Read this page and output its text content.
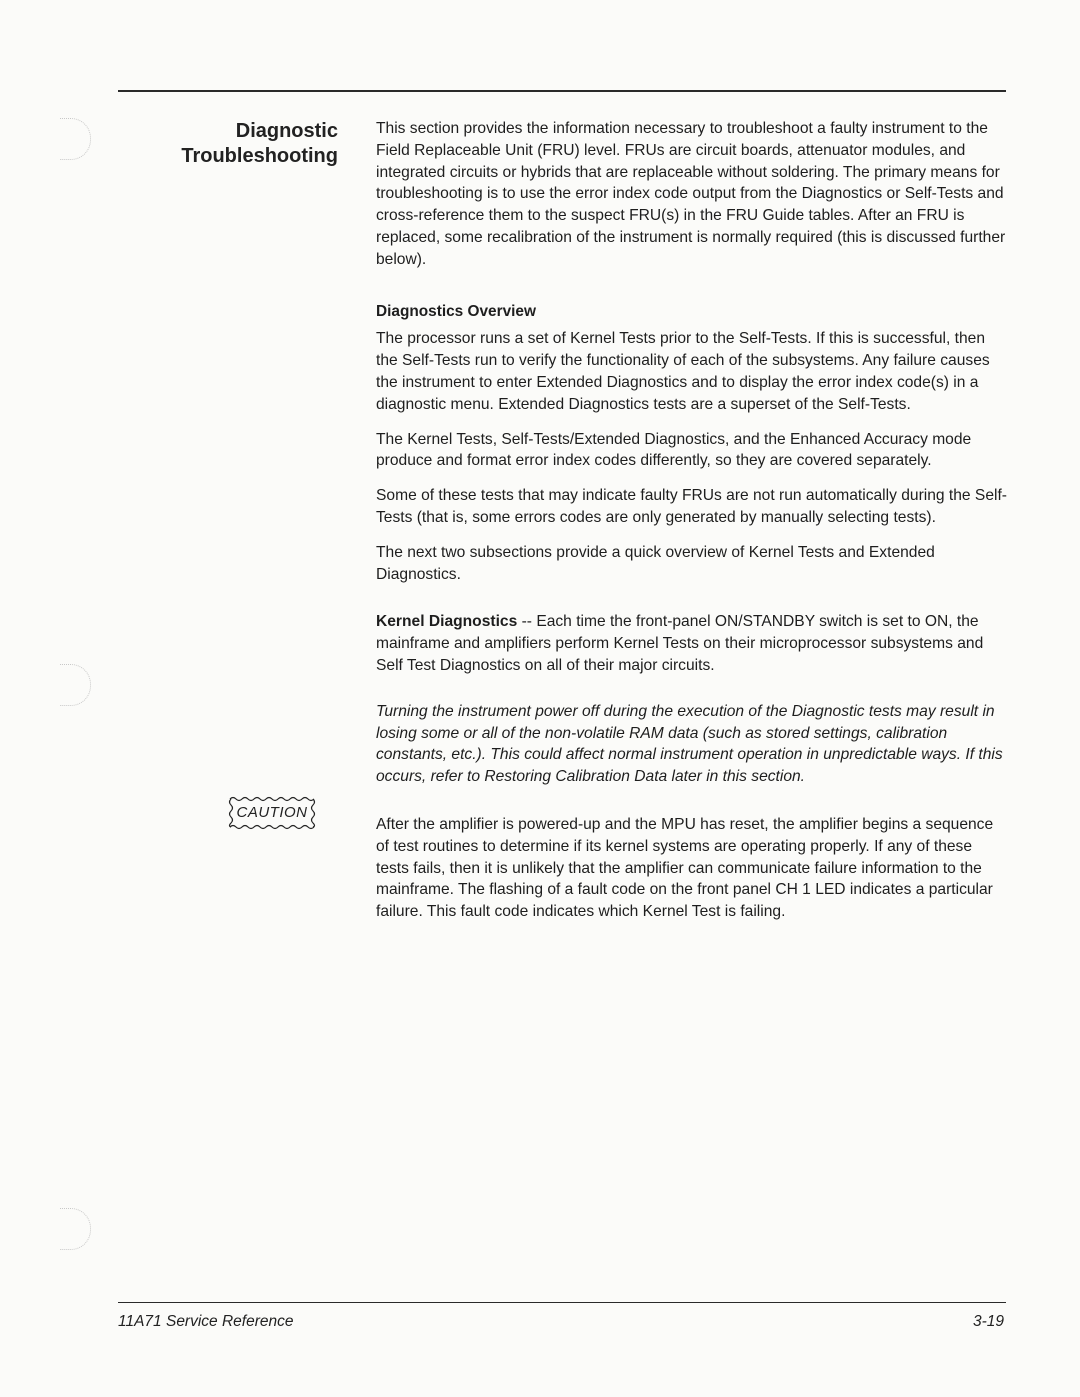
Diagnostic
Troubleshooting

This section provides the information necessary to troubleshoot a faulty instrument to the Field Replaceable Unit (FRU) level. FRUs are circuit boards, attenuator modules, and integrated circuits or hybrids that are replaceable without soldering. The primary means for troubleshooting is to use the error index code output from the Diagnostics or Self-Tests and cross-reference them to the suspect FRU(s) in the FRU Guide tables. After an FRU is replaced, some recalibration of the instrument is normally required (this is discussed further below).

Diagnostics Overview

The processor runs a set of Kernel Tests prior to the Self-Tests. If this is successful, then the Self-Tests run to verify the functionality of each of the subsystems. Any failure causes the instrument to enter Extended Diagnostics and to display the error index code(s) in a diagnostic menu. Extended Diagnostics tests are a superset of the Self-Tests.

The Kernel Tests, Self-Tests/Extended Diagnostics, and the Enhanced Accuracy mode produce and format error index codes differently, so they are covered separately.

Some of these tests that may indicate faulty FRUs are not run automatically during the Self-Tests (that is, some errors codes are only generated by manually selecting tests).

The next two subsections provide a quick overview of Kernel Tests and Extended Diagnostics.

Kernel Diagnostics -- Each time the front-panel ON/STANDBY switch is set to ON, the mainframe and amplifiers perform Kernel Tests on their microprocessor subsystems and Self Test Diagnostics on all of their major circuits.

Turning the instrument power off during the execution of the Diagnostic tests may result in losing some or all of the non-volatile RAM data (such as stored settings, calibration constants, etc.). This could affect normal instrument operation in unpredictable ways. If this occurs, refer to Restoring Calibration Data later in this section.

After the amplifier is powered-up and the MPU has reset, the amplifier begins a sequence of test routines to determine if its kernel systems are operating properly. If any of these tests fails, then it is unlikely that the amplifier can communicate failure information to the mainframe. The flashing of a fault code on the front panel CH 1 LED indicates a particular failure. This fault code indicates which Kernel Test is failing.

CAUTION
11A71 Service Reference	3-19
